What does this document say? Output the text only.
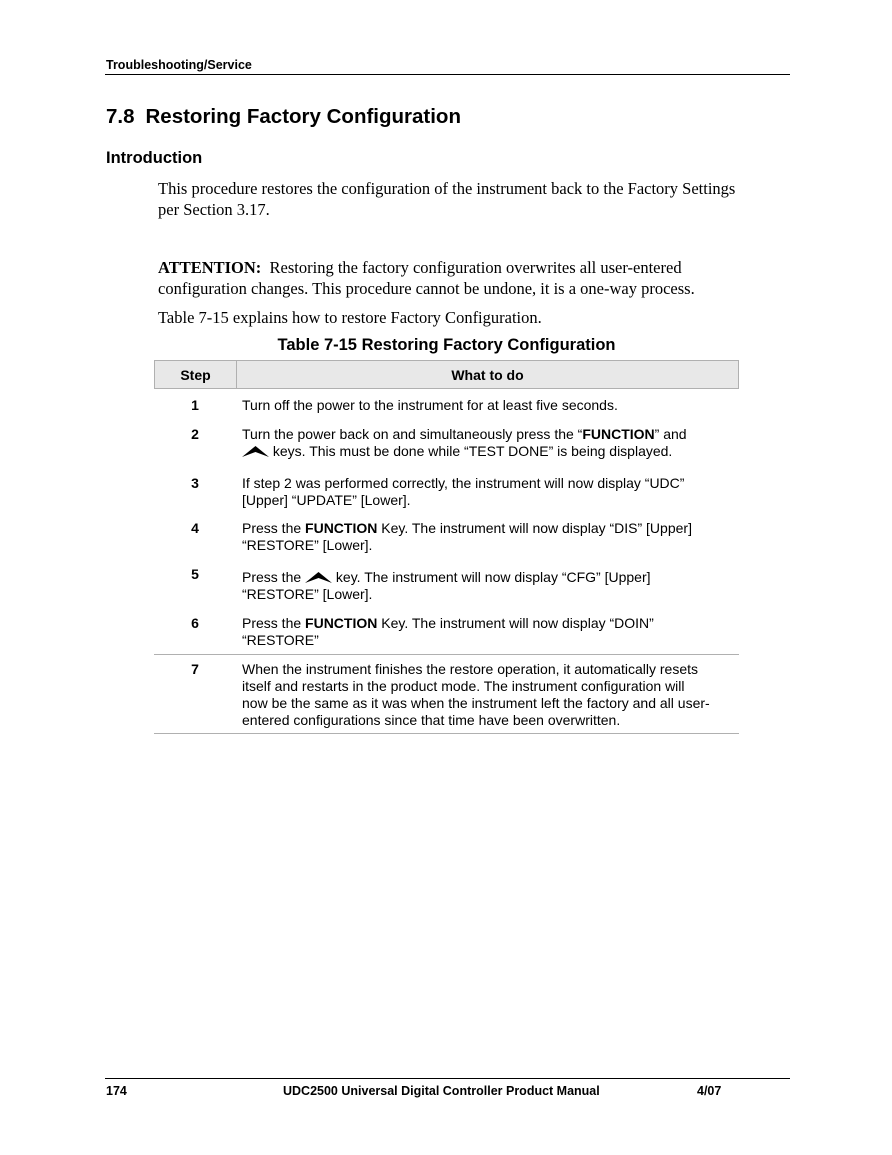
Troubleshooting/Service
7.8 Restoring Factory Configuration
Introduction

This procedure restores the configuration of the instrument back to the Factory Settings
per Section 3.17.

ATTENTION:  Restoring the factory configuration overwrites all user-entered
configuration changes. This procedure cannot be undone, it is a one-way process.

Table 7-15 explains how to restore Factory Configuration.

Table 7-15 Restoring Factory Configuration

Step	What to do
1	Turn off the power to the instrument for at least five seconds.
2	Turn the power back on and simultaneously press the “FUNCTION” and
keys. This must be done while “TEST DONE” is being displayed.
3	If step 2 was performed correctly, the instrument will now display “UDC”
[Upper] “UPDATE” [Lower].
4	Press the FUNCTION Key. The instrument will now display “DIS” [Upper]
“RESTORE” [Lower].
5	Press the  key. The instrument will now display “CFG” [Upper]
“RESTORE” [Lower].
6	Press the FUNCTION Key. The instrument will now display “DOIN”
“RESTORE”
7	When the instrument finishes the restore operation, it automatically resets
itself and restarts in the product mode. The instrument configuration will
now be the same as it was when the instrument left the factory and all user-
entered configurations since that time have been overwritten.
174	UDC2500 Universal Digital Controller Product Manual	4/07
